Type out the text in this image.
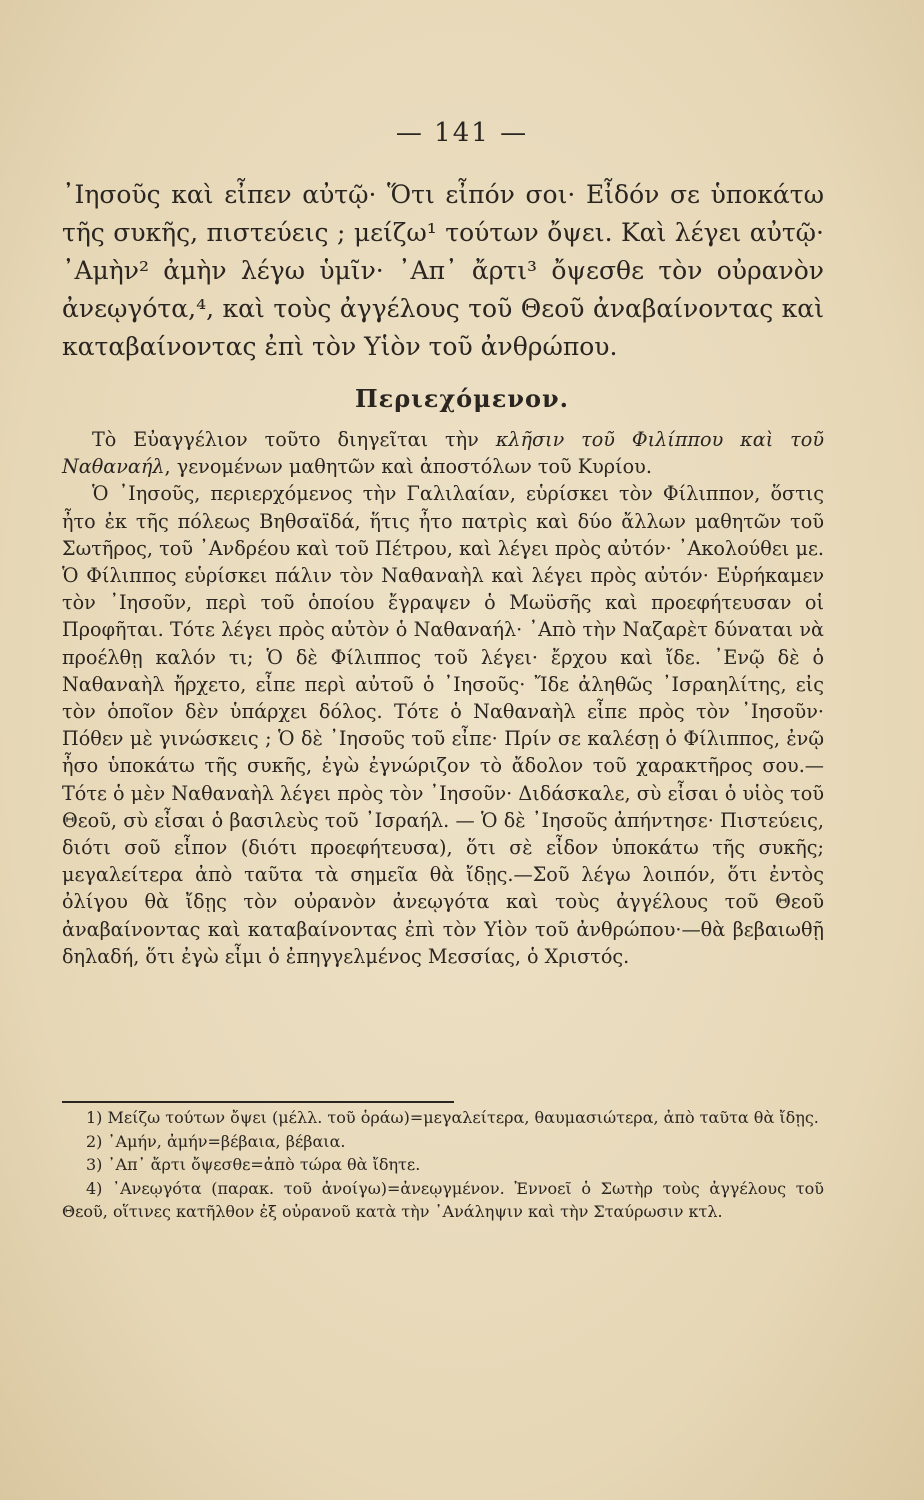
— 141 —

᾿Ιησοῦς καὶ εἶπεν αὐτῷ· Ὅτι εἶπόν σοι· Εἶδόν σε ὑποκάτω τῆς συκῆς, πιστεύεις ; μείζω¹ τούτων ὄψει. Καὶ λέγει αὐτῷ· ᾿Αμὴν² ἀμὴν λέγω ὑμῖν· ᾿Απ᾿ ἄρτι³ ὄψεσθε τὸν οὐρανὸν ἀνεῳγότα,⁴, καὶ τοὺς ἀγγέλους τοῦ Θεοῦ ἀναβαίνοντας καὶ καταβαίνοντας ἐπὶ τὸν Υἱὸν τοῦ ἀνθρώπου.

Περιεχόμενον.

Τὸ Εὐαγγέλιον τοῦτο διηγεῖται τὴν κλῆσιν τοῦ Φιλίππου καὶ τοῦ Ναθαναήλ, γενομένων μαθητῶν καὶ ἀποστόλων τοῦ Κυρίου.

Ὁ ᾿Ιησοῦς, περιερχόμενος τὴν Γαλιλαίαν, εὑρίσκει τὸν Φίλιππον, ὅστις ἦτο ἐκ τῆς πόλεως Βηθσαϊδά, ἥτις ἦτο πατρὶς καὶ δύο ἄλλων μαθητῶν τοῦ Σωτῆρος, τοῦ ᾿Ανδρέου καὶ τοῦ Πέτρου, καὶ λέγει πρὸς αὐτόν· ᾿Ακολούθει με. Ὁ Φίλιππος εὑρίσκει πάλιν τὸν Ναθαναὴλ καὶ λέγει πρὸς αὐτόν· Εὑρήκαμεν τὸν ᾿Ιησοῦν, περὶ τοῦ ὁποίου ἔγραψεν ὁ Μωϋσῆς καὶ προεφήτευσαν οἱ Προφῆται. Τότε λέγει πρὸς αὐτὸν ὁ Ναθαναήλ· ᾿Απὸ τὴν Ναζαρὲτ δύναται νὰ προέλθῃ καλόν τι; Ὁ δὲ Φίλιππος τοῦ λέγει· ἔρχου καὶ ἴδε. ᾿Ενῷ δὲ ὁ Ναθαναὴλ ἤρχετο, εἶπε περὶ αὐτοῦ ὁ ᾿Ιησοῦς· Ἴδε ἀληθῶς ᾿Ισραηλίτης, εἰς τὸν ὁποῖον δὲν ὑπάρχει δόλος. Τότε ὁ Ναθαναὴλ εἶπε πρὸς τὸν ᾿Ιησοῦν· Πόθεν μὲ γινώσκεις ; Ὁ δὲ ᾿Ιησοῦς τοῦ εἶπε· Πρίν σε καλέσῃ ὁ Φίλιππος, ἐνῷ ἦσο ὑποκάτω τῆς συκῆς, ἐγὼ ἐγνώριζον τὸ ἄδολον τοῦ χαρακτῆρος σου.— Τότε ὁ μὲν Ναθαναὴλ λέγει πρὸς τὸν ᾿Ιησοῦν· Διδάσκαλε, σὺ εἶσαι ὁ υἱὸς τοῦ Θεοῦ, σὺ εἶσαι ὁ βασιλεὺς τοῦ ᾿Ισραήλ. — Ὁ δὲ ᾿Ιησοῦς ἀπήντησε· Πιστεύεις, διότι σοῦ εἶπον (διότι προεφήτευσα), ὅτι σὲ εἶδον ὑποκάτω τῆς συκῆς; μεγαλείτερα ἀπὸ ταῦτα τὰ σημεῖα θὰ ἴδῃς.—Σοῦ λέγω λοιπόν, ὅτι ἐντὸς ὀλίγου θὰ ἴδῃς τὸν οὐρανὸν ἀνεῳγότα καὶ τοὺς ἀγγέλους τοῦ Θεοῦ ἀναβαίνοντας καὶ καταβαίνοντας ἐπὶ τὸν Υἱὸν τοῦ ἀνθρώπου·—θὰ βεβαιωθῇ δηλαδή, ὅτι ἐγὼ εἶμι ὁ ἐπηγγελμένος Μεσσίας, ὁ Χριστός.

1) Μείζω τούτων ὄψει (μέλλ. τοῦ ὁράω)=μεγαλείτερα, θαυμασιώτερα, ἀπὸ ταῦτα θὰ ἴδῃς.

2) ᾿Αμήν, ἀμήν=βέβαια, βέβαια.

3) ᾿Απ᾿ ἄρτι ὄψεσθε=ἀπὸ τώρα θὰ ἴδητε.

4) ᾿Ανεῳγότα (παρακ. τοῦ ἀνοίγω)=ἀνεῳγμένον. Ἐννοεῖ ὁ Σωτὴρ τοὺς ἀγγέλους τοῦ Θεοῦ, οἵτινες κατῆλθον ἐξ οὐρανοῦ κατὰ τὴν ᾿Ανάληψιν καὶ τὴν Σταύρωσιν κτλ.
